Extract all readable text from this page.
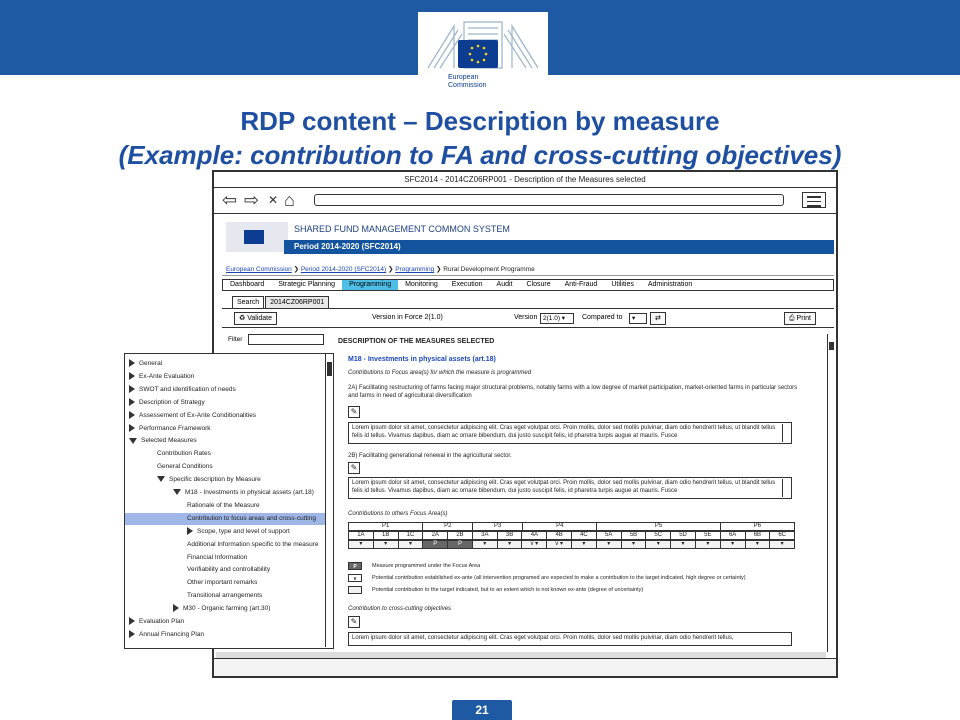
European
Commission
RDP content – Description by measure
(Example: contribution to FA and cross-cutting objectives)
SFC2014 - 2014CZ06RP001 - Description of the Measures selected
⇦ ⇨ ✕ ⌂
SHARED FUND MANAGEMENT COMMON SYSTEM
Period 2014-2020 (SFC2014)
European Commission ❯ Period 2014-2020 (SFC2014) ❯ Programming ❯ Rural Development Programme
Dashboard	Strategic Planning	Programming	Monitoring	Execution	Audit	Closure	Anti-Fraud	Utilities	Administration
Search	2014CZ06RP001
♻ Validate	Version in Force 2(1.0)	Version 2(1.0) ▾	Compared to	▾	⇄	⎙ Print
DESCRIPTION OF THE MEASURES SELECTED
M18 - Investments in physical assets (art.18)
Contributions to Focus area(s) for which the measure is programmed
2A) Facilitating restructuring of farms facing major structural problems, notably farms with a low degree of market participation, market-oriented farms in particular sectors and farms in need of agricultural diversification
✎
Lorem ipsum dolor sit amet, consectetur adipiscing elit. Cras eget volutpat orci. Proin mollis, dolor sed mollis pulvinar, diam odio hendrerit tellus, ut blandit tellus felis id tellus. Vivamus dapibus, diam ac ornare bibendum, dui justo suscipit felis, id pharetra turpis augue at mauris. Fusce
2B) Facilitating generational renewal in the agricultural sector.
✎
Lorem ipsum dolor sit amet, consectetur adipiscing elit. Cras eget volutpat orci. Proin mollis, dolor sed mollis pulvinar, diam odio hendrerit tellus, ut blandit tellus felis id tellus. Vivamus dapibus, diam ac ornare bibendum, dui justo suscipit felis, id pharetra turpis augue at mauris. Fusce
Contributions to others Focus Area(s)
P1	P2	P3	P4	P5	P6
1A	1B	1C	2A	2B	3A	3B	4A	4B	4C	5A	5B	5C	5D	5E	6A	6B	6C
▾	▾	▾	P	P	▾	▾	v ▾	v ▾	▾	▾	▾	▾	▾	▾	▾	▾	▾
P	Measure programmed under the Focus Area
v	Potential contribution established ex-ante (all intervention programed are expected to make a contribution to the target indicated, high degree or certainty)
Potential contribution to the target indicated, but to an extent which is not known ex-ante (degree of uncertainty)
Contribution to cross-cutting objectives
✎
Lorem ipsum dolor sit amet, consectetur adipiscing elit. Cras eget volutpat orci. Proin mollis, dolor sed mollis pulvinar, diam odio hendrerit tellus,
Filter
General
Ex-Ante Evaluation
SWOT and identification of needs
Description of Strategy
Assessement of Ex-Ante Conditionalities
Performance Framework
Selected Measures
Contribution Rates
General Conditions
Specific description by Measure
M18 - Investments in physical assets (art.18)
Rationale of the Measure
Contribution to focus areas and cross-cutting
Scope, type and level of support
Additional Information specific to the measure
Financial Information
Verifiability and controllability
Other important remarks
Transitional arrangements
M30 - Organic farming (art.30)
Evaluation Plan
Annual Financing Plan
21
